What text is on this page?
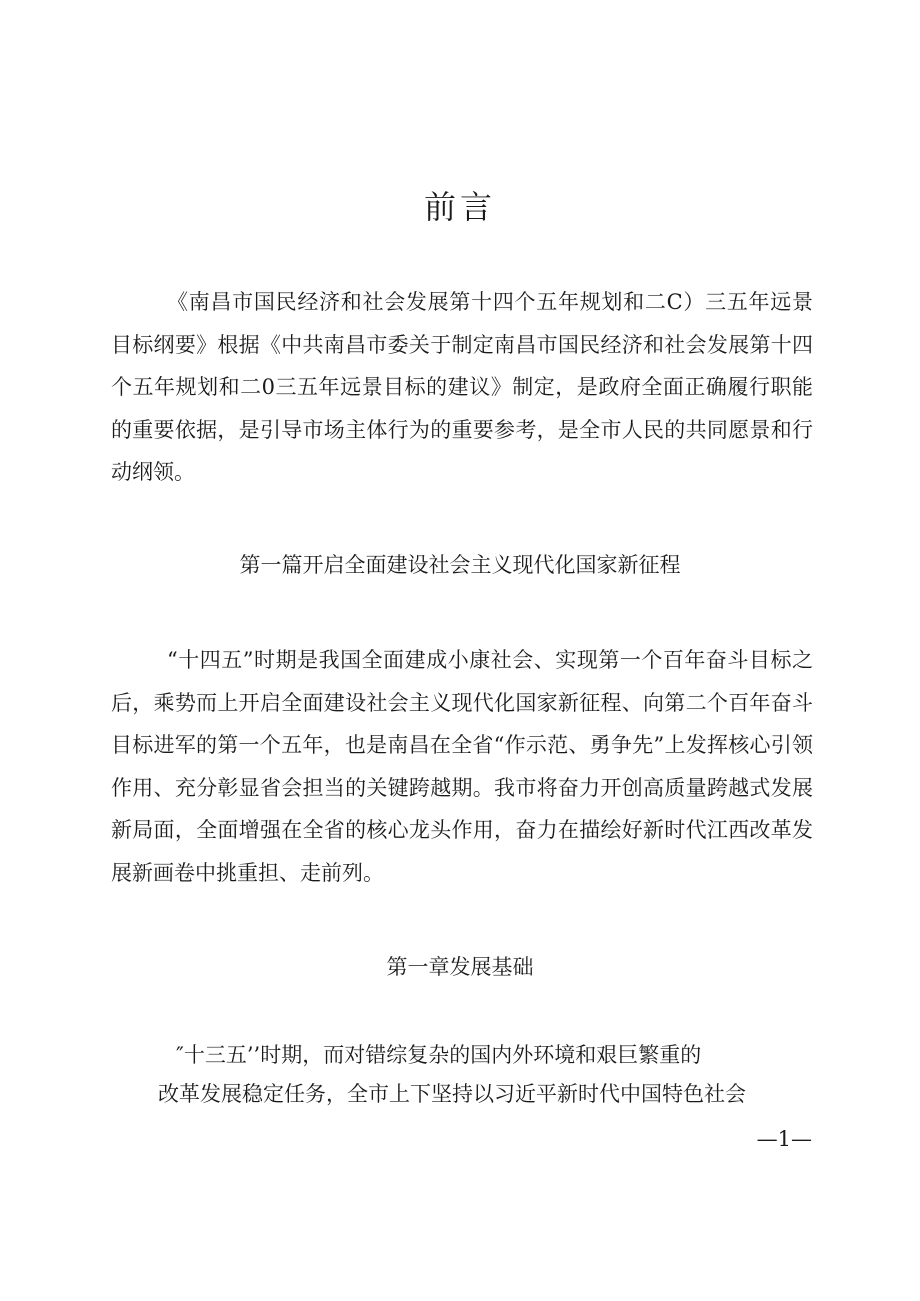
前言

《南昌市国民经济和社会发展第十四个五年规划和二C）三五年远景目标纲要》根据《中共南昌市委关于制定南昌市国民经济和社会发展第十四个五年规划和二0三五年远景目标的建议》制定，是政府全面正确履行职能的重要依据，是引导市场主体行为的重要参考，是全市人民的共同愿景和行动纲领。

第一篇开启全面建设社会主义现代化国家新征程

“十四五”时期是我国全面建成小康社会、实现第一个百年奋斗目标之后，乘势而上开启全面建设社会主义现代化国家新征程、向第二个百年奋斗目标进军的第一个五年，也是南昌在全省“作示范、勇争先”上发挥核心引领作用、充分彰显省会担当的关键跨越期。我市将奋力开创高质量跨越式发展新局面，全面增强在全省的核心龙头作用，奋力在描绘好新时代江西改革发展新画卷中挑重担、走前列。

第一章发展基础

″十三五’’时期，而对错综复杂的国内外环境和艰巨繁重的
改革发展稳定任务，全市上下坚持以习近平新时代中国特色社会
—1—
